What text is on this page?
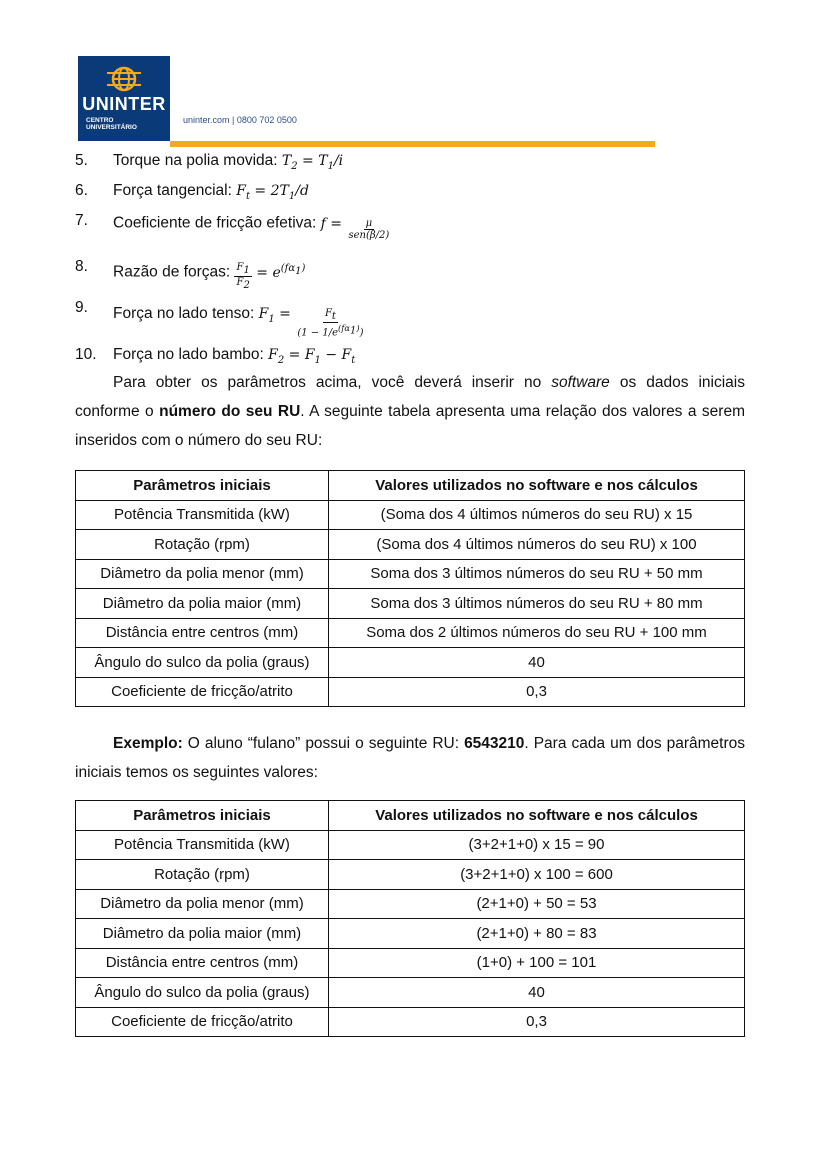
UNINTER
CENTRO
UNIVERSITÁRIO
uninter.com | 0800 702 0500
5. Torque na polia movida: $T_2 = T_1/i$
6. Força tangencial: $F_t = 2T_1/d$
7. Coeficiente de fricção efetiva: $f = \frac{\mu}{\text{sen(β/2)}}$
8. Razão de forças: $\frac{F_1}{F_2} = e^{(f\alpha_1)}$
9. Força no lado tenso: $F_1 = \frac{F_t}{(1 - 1/e^{(f\alpha_1)})}$
10. Força no lado bambo: $F_2 = F_1 - F_t$
Para obter os parâmetros acima, você deverá inserir no software os dados iniciais conforme o número do seu RU. A seguinte tabela apresenta uma relação dos valores a serem inseridos com o número do seu RU:
Parâmetros iniciais	Valores utilizados no software e nos cálculos
Potência Transmitida (kW)	(Soma dos 4 últimos números do seu RU) x 15
Rotação (rpm)	(Soma dos 4 últimos números do seu RU) x 100
Diâmetro da polia menor (mm)	Soma dos 3 últimos números do seu RU + 50 mm
Diâmetro da polia maior (mm)	Soma dos 3 últimos números do seu RU + 80 mm
Distância entre centros (mm)	Soma dos 2 últimos números do seu RU + 100 mm
Ângulo do sulco da polia (graus)	40
Coeficiente de fricção/atrito	0,3
Exemplo: O aluno “fulano” possui o seguinte RU: 6543210. Para cada um dos parâmetros iniciais temos os seguintes valores:
Parâmetros iniciais	Valores utilizados no software e nos cálculos
Potência Transmitida (kW)	(3+2+1+0) x 15 = 90
Rotação (rpm)	(3+2+1+0) x 100 = 600
Diâmetro da polia menor (mm)	(2+1+0) + 50 = 53
Diâmetro da polia maior (mm)	(2+1+0) + 80 = 83
Distância entre centros (mm)	(1+0) + 100 = 101
Ângulo do sulco da polia (graus)	40
Coeficiente de fricção/atrito	0,3
